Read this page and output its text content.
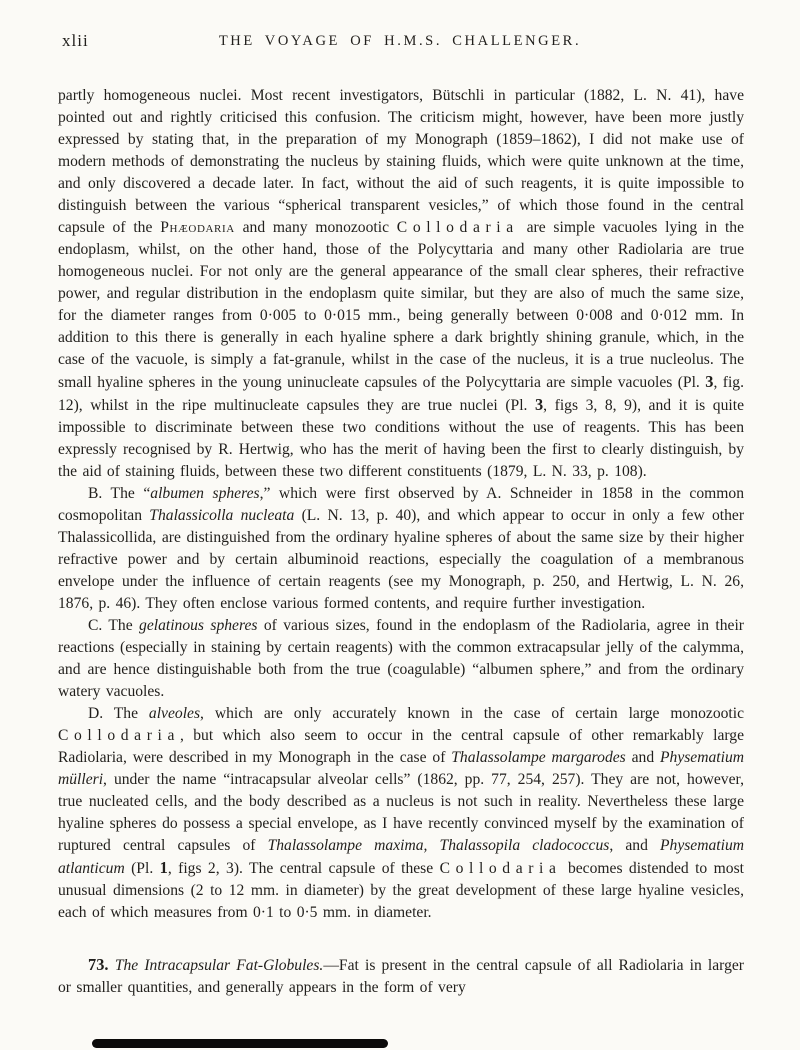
xlii	THE VOYAGE OF H.M.S. CHALLENGER.

partly homogeneous nuclei. Most recent investigators, Bütschli in particular (1882, L. N. 41), have pointed out and rightly criticised this confusion. The criticism might, however, have been more justly expressed by stating that, in the preparation of my Monograph (1859–1862), I did not make use of modern methods of demonstrating the nucleus by staining fluids, which were quite unknown at the time, and only discovered a decade later. In fact, without the aid of such reagents, it is quite impossible to distinguish between the various “spherical transparent vesicles,” of which those found in the central capsule of the Phæodaria and many monozootic Collodaria are simple vacuoles lying in the endoplasm, whilst, on the other hand, those of the Polycyttaria and many other Radiolaria are true homogeneous nuclei. For not only are the general appearance of the small clear spheres, their refractive power, and regular distribution in the endoplasm quite similar, but they are also of much the same size, for the diameter ranges from 0·005 to 0·015 mm., being generally between 0·008 and 0·012 mm. In addition to this there is generally in each hyaline sphere a dark brightly shining granule, which, in the case of the vacuole, is simply a fat-granule, whilst in the case of the nucleus, it is a true nucleolus. The small hyaline spheres in the young uninucleate capsules of the Polycyttaria are simple vacuoles (Pl. 3, fig. 12), whilst in the ripe multinucleate capsules they are true nuclei (Pl. 3, figs 3, 8, 9), and it is quite impossible to discriminate between these two conditions without the use of reagents. This has been expressly recognised by R. Hertwig, who has the merit of having been the first to clearly distinguish, by the aid of staining fluids, between these two different constituents (1879, L. N. 33, p. 108).

B. The “albumen spheres,” which were first observed by A. Schneider in 1858 in the common cosmopolitan Thalassicolla nucleata (L. N. 13, p. 40), and which appear to occur in only a few other Thalassicollida, are distinguished from the ordinary hyaline spheres of about the same size by their higher refractive power and by certain albuminoid reactions, especially the coagulation of a membranous envelope under the influence of certain reagents (see my Monograph, p. 250, and Hertwig, L. N. 26, 1876, p. 46). They often enclose various formed contents, and require further investigation.

C. The gelatinous spheres of various sizes, found in the endoplasm of the Radiolaria, agree in their reactions (especially in staining by certain reagents) with the common extracapsular jelly of the calymma, and are hence distinguishable both from the true (coagulable) “albumen sphere,” and from the ordinary watery vacuoles.

D. The alveoles, which are only accurately known in the case of certain large monozootic Collodaria, but which also seem to occur in the central capsule of other remarkably large Radiolaria, were described in my Monograph in the case of Thalassolampe margarodes and Physematium mülleri, under the name “intracapsular alveolar cells” (1862, pp. 77, 254, 257). They are not, however, true nucleated cells, and the body described as a nucleus is not such in reality. Nevertheless these large hyaline spheres do possess a special envelope, as I have recently convinced myself by the examination of ruptured central capsules of Thalassolampe maxima, Thalassopila cladococcus, and Physematium atlanticum (Pl. 1, figs 2, 3). The central capsule of these Collodaria becomes distended to most unusual dimensions (2 to 12 mm. in diameter) by the great development of these large hyaline vesicles, each of which measures from 0·1 to 0·5 mm. in diameter.

73. The Intracapsular Fat-Globules.—Fat is present in the central capsule of all Radiolaria in larger or smaller quantities, and generally appears in the form of very
